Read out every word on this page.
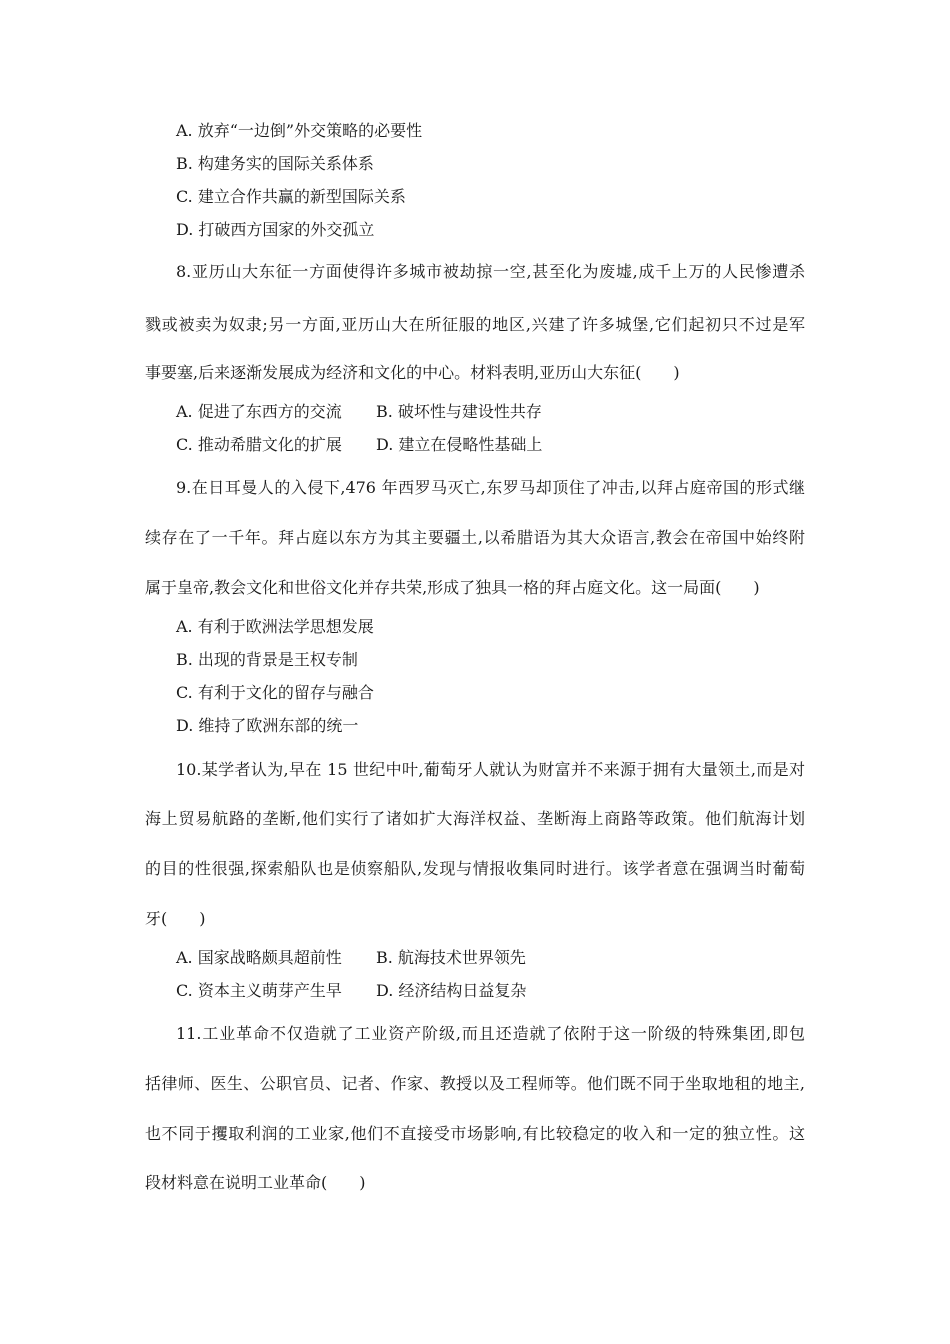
A. 放弃“一边倒”外交策略的必要性
B. 构建务实的国际关系体系
C. 建立合作共赢的新型国际关系
D. 打破西方国家的外交孤立
8.亚历山大东征一方面使得许多城市被劫掠一空,甚至化为废墟,成千上万的人民惨遭杀
戮或被卖为奴隶;另一方面,亚历山大在所征服的地区,兴建了许多城堡,它们起初只不过是军
事要塞,后来逐渐发展成为经济和文化的中心。材料表明,亚历山大东征(　　)
A. 促进了东西方的交流 B. 破坏性与建设性共存
C. 推动希腊文化的扩展 D. 建立在侵略性基础上
9.在日耳曼人的入侵下,476 年西罗马灭亡,东罗马却顶住了冲击,以拜占庭帝国的形式继
续存在了一千年。拜占庭以东方为其主要疆土,以希腊语为其大众语言,教会在帝国中始终附
属于皇帝,教会文化和世俗文化并存共荣,形成了独具一格的拜占庭文化。这一局面(　　)
A. 有利于欧洲法学思想发展
B. 出现的背景是王权专制
C. 有利于文化的留存与融合
D. 维持了欧洲东部的统一
10.某学者认为,早在 15 世纪中叶,葡萄牙人就认为财富并不来源于拥有大量领土,而是对
海上贸易航路的垄断,他们实行了诸如扩大海洋权益、垄断海上商路等政策。他们航海计划
的目的性很强,探索船队也是侦察船队,发现与情报收集同时进行。该学者意在强调当时葡萄
牙(　　)
A. 国家战略颇具超前性 B. 航海技术世界领先
C. 资本主义萌芽产生早 D. 经济结构日益复杂
11.工业革命不仅造就了工业资产阶级,而且还造就了依附于这一阶级的特殊集团,即包
括律师、医生、公职官员、记者、作家、教授以及工程师等。他们既不同于坐取地租的地主,
也不同于攫取利润的工业家,他们不直接受市场影响,有比较稳定的收入和一定的独立性。这
段材料意在说明工业革命(　　)
